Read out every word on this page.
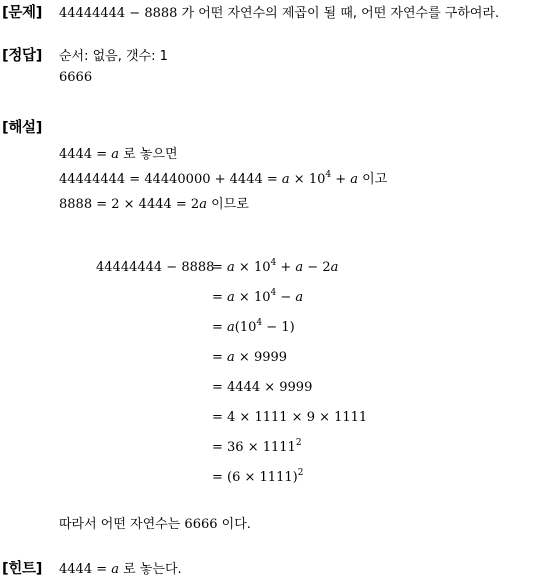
[문제] 44444444 − 8888 가 어떤 자연수의 제곱이 될 때, 어떤 자연수를 구하여라.
[정답] 순서: 없음, 갯수: 1
6666
[해설]
4444 = a 로 놓으면
$44444444 = 44440000 + 4444 = a \times 10^4 + a$ 이고
8888 = 2 × 4444 = 2a 이므로
44444444 − 8888
= $a \times 10^4 + a - 2a$
= $a \times 10^4 - a$
= $a(10^4 - 1)$
= a × 9999
= 4444 × 9999
= 4 × 1111 × 9 × 1111
= $36 \times 1111^2$
= $(6 \times 1111)^2$
따라서 어떤 자연수는 6666 이다.
[힌트] 4444 = a 로 놓는다.
